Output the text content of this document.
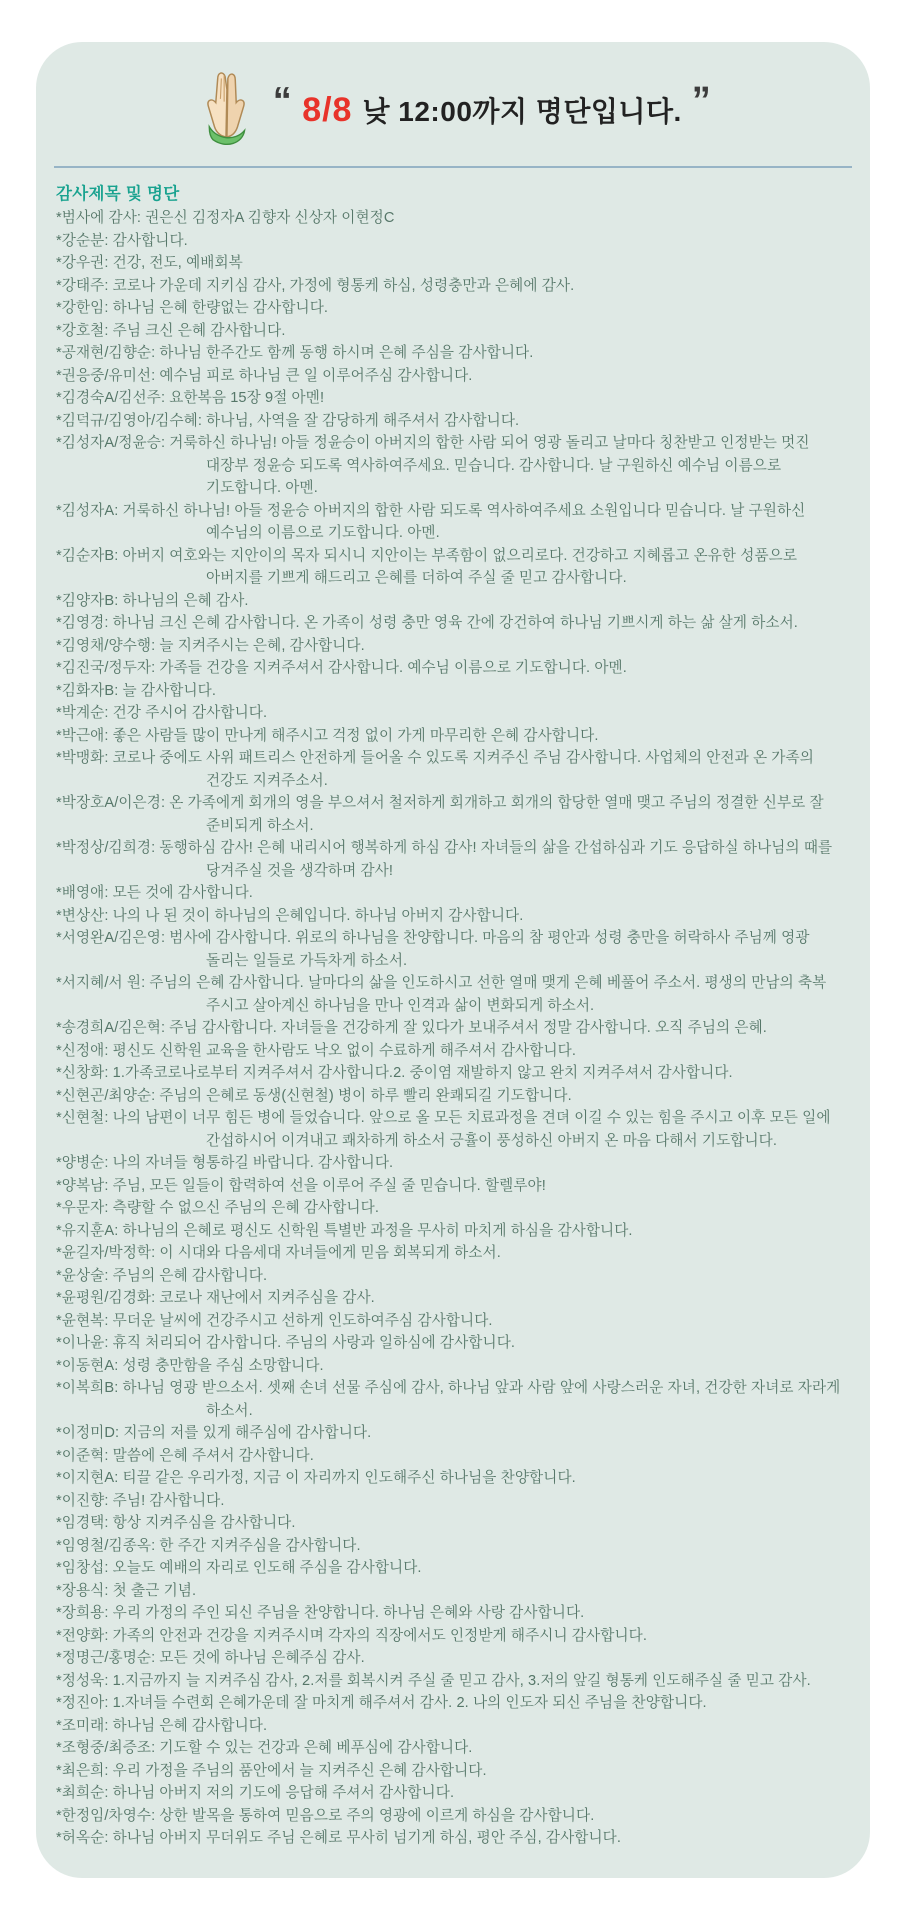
“ 8/8 낮 12:00까지 명단입니다. ”

감사제목 및 명단

*범사에 감사: 권은신 김정자A 김향자 신상자 이현정C

*강순분: 감사합니다.

*강우권: 건강, 전도, 예배회복

*강태주: 코로나 가운데 지키심 감사, 가정에 형통케 하심, 성령충만과 은혜에 감사.

*강한임: 하나님 은혜 한량없는 감사합니다.

*강호철: 주님 크신 은혜 감사합니다.

*공재현/김향순: 하나님 한주간도 함께 동행 하시며 은혜 주심을 감사합니다.

*권응중/유미선: 예수님 피로 하나님 큰 일 이루어주심 감사합니다.

*김경숙A/김선주: 요한복음 15장 9절 아멘!

*김덕규/김영아/김수혜: 하나님, 사역을 잘 감당하게 해주셔서 감사합니다.

*김성자A/정윤승: 거룩하신 하나님! 아들 정윤승이 아버지의 합한 사람 되어 영광 돌리고 날마다 칭찬받고 인정받는 멋진 대장부 정윤승 되도록 역사하여주세요. 믿습니다. 감사합니다. 날 구원하신 예수님 이름으로 기도합니다. 아멘.

*김성자A: 거룩하신 하나님! 아들 정윤승 아버지의 합한 사람 되도록 역사하여주세요 소원입니다 믿습니다. 날 구원하신 예수님의 이름으로 기도합니다. 아멘.

*김순자B: 아버지 여호와는 지안이의 목자 되시니 지안이는 부족함이 없으리로다. 건강하고 지혜롭고 온유한 성품으로 아버지를 기쁘게 해드리고 은혜를 더하여 주실 줄 믿고 감사합니다.

*김양자B: 하나님의 은혜 감사.

*김영경: 하나님 크신 은혜 감사합니다. 온 가족이 성령 충만 영육 간에 강건하여 하나님 기쁘시게 하는 삶 살게 하소서.

*김영채/양수행: 늘 지켜주시는 은혜, 감사합니다.

*김진국/정두자: 가족들 건강을 지켜주셔서 감사합니다. 예수님 이름으로 기도합니다. 아멘.

*김화자B: 늘 감사합니다.

*박계순: 건강 주시어 감사합니다.

*박근애: 좋은 사람들 많이 만나게 해주시고 걱정 없이 가게 마무리한 은혜 감사합니다.

*박맹화: 코로나 중에도 사위 패트리스 안전하게 들어올 수 있도록 지켜주신 주님 감사합니다. 사업체의 안전과 온 가족의 건강도 지켜주소서.

*박장호A/이은경: 온 가족에게 회개의 영을 부으셔서 철저하게 회개하고 회개의 합당한 열매 맺고 주님의 정결한 신부로 잘 준비되게 하소서.

*박정상/김희경: 동행하심 감사! 은혜 내리시어 행복하게 하심 감사! 자녀들의 삶을 간섭하심과 기도 응답하실 하나님의 때를 당겨주실 것을 생각하며 감사!

*배영애: 모든 것에 감사합니다.

*변상산: 나의 나 된 것이 하나님의 은혜입니다. 하나님 아버지 감사합니다.

*서영완A/김은영: 범사에 감사합니다. 위로의 하나님을 찬양합니다. 마음의 참 평안과 성령 충만을 허락하사 주님께 영광 돌리는 일들로 가득차게 하소서.

*서지혜/서 원: 주님의 은혜 감사합니다. 날마다의 삶을 인도하시고 선한 열매 맺게 은혜 베풀어 주소서. 평생의 만남의 축복 주시고 살아계신 하나님을 만나 인격과 삶이 변화되게 하소서.

*송경희A/김은혁: 주님 감사합니다. 자녀들을 건강하게 잘 있다가 보내주셔서 정말 감사합니다. 오직 주님의 은혜.

*신정애: 평신도 신학원 교육을 한사람도 낙오 없이 수료하게 해주셔서 감사합니다.

*신창화: 1.가족코로나로부터 지켜주셔서 감사합니다.2. 중이염 재발하지 않고 완치 지켜주셔서 감사합니다.

*신현곤/최양순: 주님의 은혜로 동생(신현철) 병이 하루 빨리 완쾌되길 기도합니다.

*신현철: 나의 남편이 너무 힘든 병에 들었습니다. 앞으로 올 모든 치료과정을 견뎌 이길 수 있는 힘을 주시고 이후 모든 일에 간섭하시어 이겨내고 쾌차하게 하소서 긍휼이 풍성하신 아버지 온 마음 다해서 기도합니다.

*양병순: 나의 자녀들 형통하길 바랍니다. 감사합니다.

*양복남: 주님, 모든 일들이 합력하여 선을 이루어 주실 줄 믿습니다. 할렐루야!

*우문자: 측량할 수 없으신 주님의 은혜 감사합니다.

*유지훈A: 하나님의 은혜로 평신도 신학원 특별반 과정을 무사히 마치게 하심을 감사합니다.

*윤길자/박정학: 이 시대와 다음세대 자녀들에게 믿음 회복되게 하소서.

*윤상술: 주님의 은혜 감사합니다.

*윤평원/김경화: 코로나 재난에서 지켜주심을 감사.

*윤현복: 무더운 날씨에 건강주시고 선하게 인도하여주심 감사합니다.

*이나윤: 휴직 처리되어 감사합니다. 주님의 사랑과 일하심에 감사합니다.

*이동현A: 성령 충만함을 주심 소망합니다.

*이복희B: 하나님 영광 받으소서. 셋째 손녀 선물 주심에 감사, 하나님 앞과 사람 앞에 사랑스러운 자녀, 건강한 자녀로 자라게 하소서.

*이정미D: 지금의 저를 있게 해주심에 감사합니다.

*이준혁: 말씀에 은혜 주셔서 감사합니다.

*이지현A: 티끌 같은 우리가정, 지금 이 자리까지 인도해주신 하나님을 찬양합니다.

*이진향: 주님! 감사합니다.

*임경택: 항상 지켜주심을 감사합니다.

*임영철/김종옥: 한 주간 지켜주심을 감사합니다.

*임창섭: 오늘도 예배의 자리로 인도해 주심을 감사합니다.

*장용식: 첫 출근 기념.

*장희용: 우리 가정의 주인 되신 주님을 찬양합니다. 하나님 은혜와 사랑 감사합니다.

*전양화: 가족의 안전과 건강을 지켜주시며 각자의 직장에서도 인정받게 해주시니 감사합니다.

*정명근/홍명순: 모든 것에 하나님 은혜주심 감사.

*정성욱: 1.지금까지 늘 지켜주심 감사, 2.저를 회복시켜 주실 줄 믿고 감사, 3.저의 앞길 형통케 인도해주실 줄 믿고 감사.

*정진아: 1.자녀들 수련회 은혜가운데 잘 마치게 해주셔서 감사. 2. 나의 인도자 되신 주님을 찬양합니다.

*조미래: 하나님 은혜 감사합니다.

*조형중/최증조: 기도할 수 있는 건강과 은혜 베푸심에 감사합니다.

*최은희: 우리 가정을 주님의 품안에서 늘 지켜주신 은혜 감사합니다.

*최희순: 하나님 아버지 저의 기도에 응답해 주셔서 감사합니다.

*한정임/차영수: 상한 발목을 통하여 믿음으로 주의 영광에 이르게 하심을 감사합니다.

*허옥순: 하나님 아버지 무더위도 주님 은혜로 무사히 넘기게 하심, 평안 주심, 감사합니다.
